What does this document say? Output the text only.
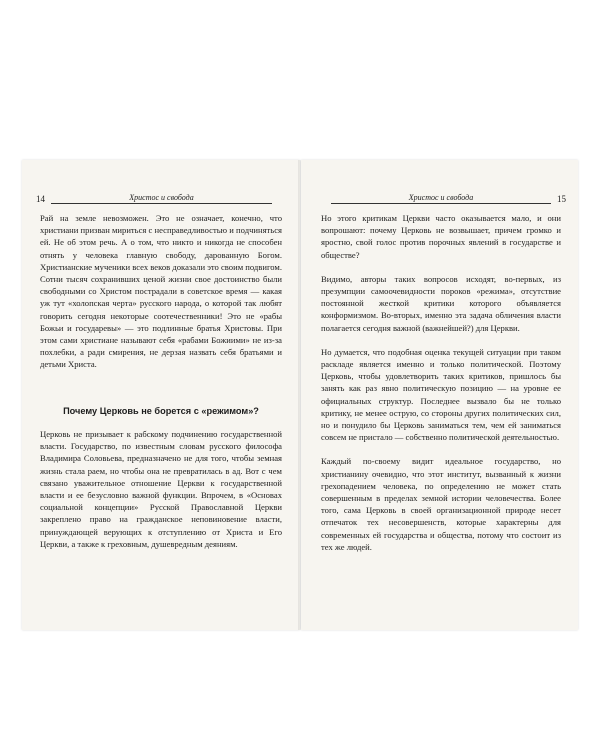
14	Христос и свобода

Рай на земле невозможен. Это не означает, конечно, что христиани призван мириться с несправедливостью и подчиняться ей. Не об этом речь. А о том, что никто и никогда не способен отнять у человека главную свободу, дарованную Богом. Христианские мученики всех веков доказали это своим подвигом. Сотни тысяч сохранивших ценой жизни свое достоинство были свободными со Христом пострадали в советское время — какая уж тут «холопская черта» русского народа, о которой так любят говорить сегодня некоторые соотечественники! Это не «рабы Божьи и государевы» — это подлинные братья Христовы. При этом сами христиане называют себя «рабами Божиими» не из-за похлебки, а ради смирения, не дерзая назвать себя братьями и детьми Христа.

Почему Церковь не борется с «режимом»?

Церковь не призывает к рабскому подчинению государственной власти. Государство, по известным словам русского философа Владимира Соловьева, предназначено не для того, чтобы земная жизнь стала раем, но чтобы она не превратилась в ад. Вот с чем связано уважительное отношение Церкви к государственной власти и ее безусловно важной функции. Впрочем, в «Основах социальной концепции» Русской Православной Церкви закреплено право на гражданское неповиновение власти, принуждающей верующих к отступлению от Христа и Его Церкви, а также к греховным, душевредным деяниям.

Христос и свобода	15

Но этого критикам Церкви часто оказывается мало, и они вопрошают: почему Церковь не возвышает, причем громко и яростно, свой голос против порочных явлений в государстве и обществе?

Видимо, авторы таких вопросов исходят, во-первых, из презумпции самоочевидности пороков «режима», отсутствие постоянной жесткой критики которого объявляется конформизмом. Во-вторых, именно эта задача обличения власти полагается сегодня важной (важнейшей?) для Церкви.

Но думается, что подобная оценка текущей ситуации при таком раскладе является именно и только политической. Поэтому Церковь, чтобы удовлетворить таких критиков, пришлось бы занять как раз явно политическую позицию — на уровне ее официальных структур. Последнее вызвало бы не только критику, не менее острую, со стороны других политических сил, но и понудило бы Церковь заниматься тем, чем ей заниматься совсем не пристало — собственно политической деятельностью.

Каждый по-своему видит идеальное государство, но христианину очевидно, что этот институт, вызванный к жизни грехопадением человека, по определению не может стать совершенным в пределах земной истории человечества. Более того, сама Церковь в своей организационной природе несет отпечаток тех несовершенств, которые характерны для современных ей государства и общества, потому что состоит из тех же людей.
